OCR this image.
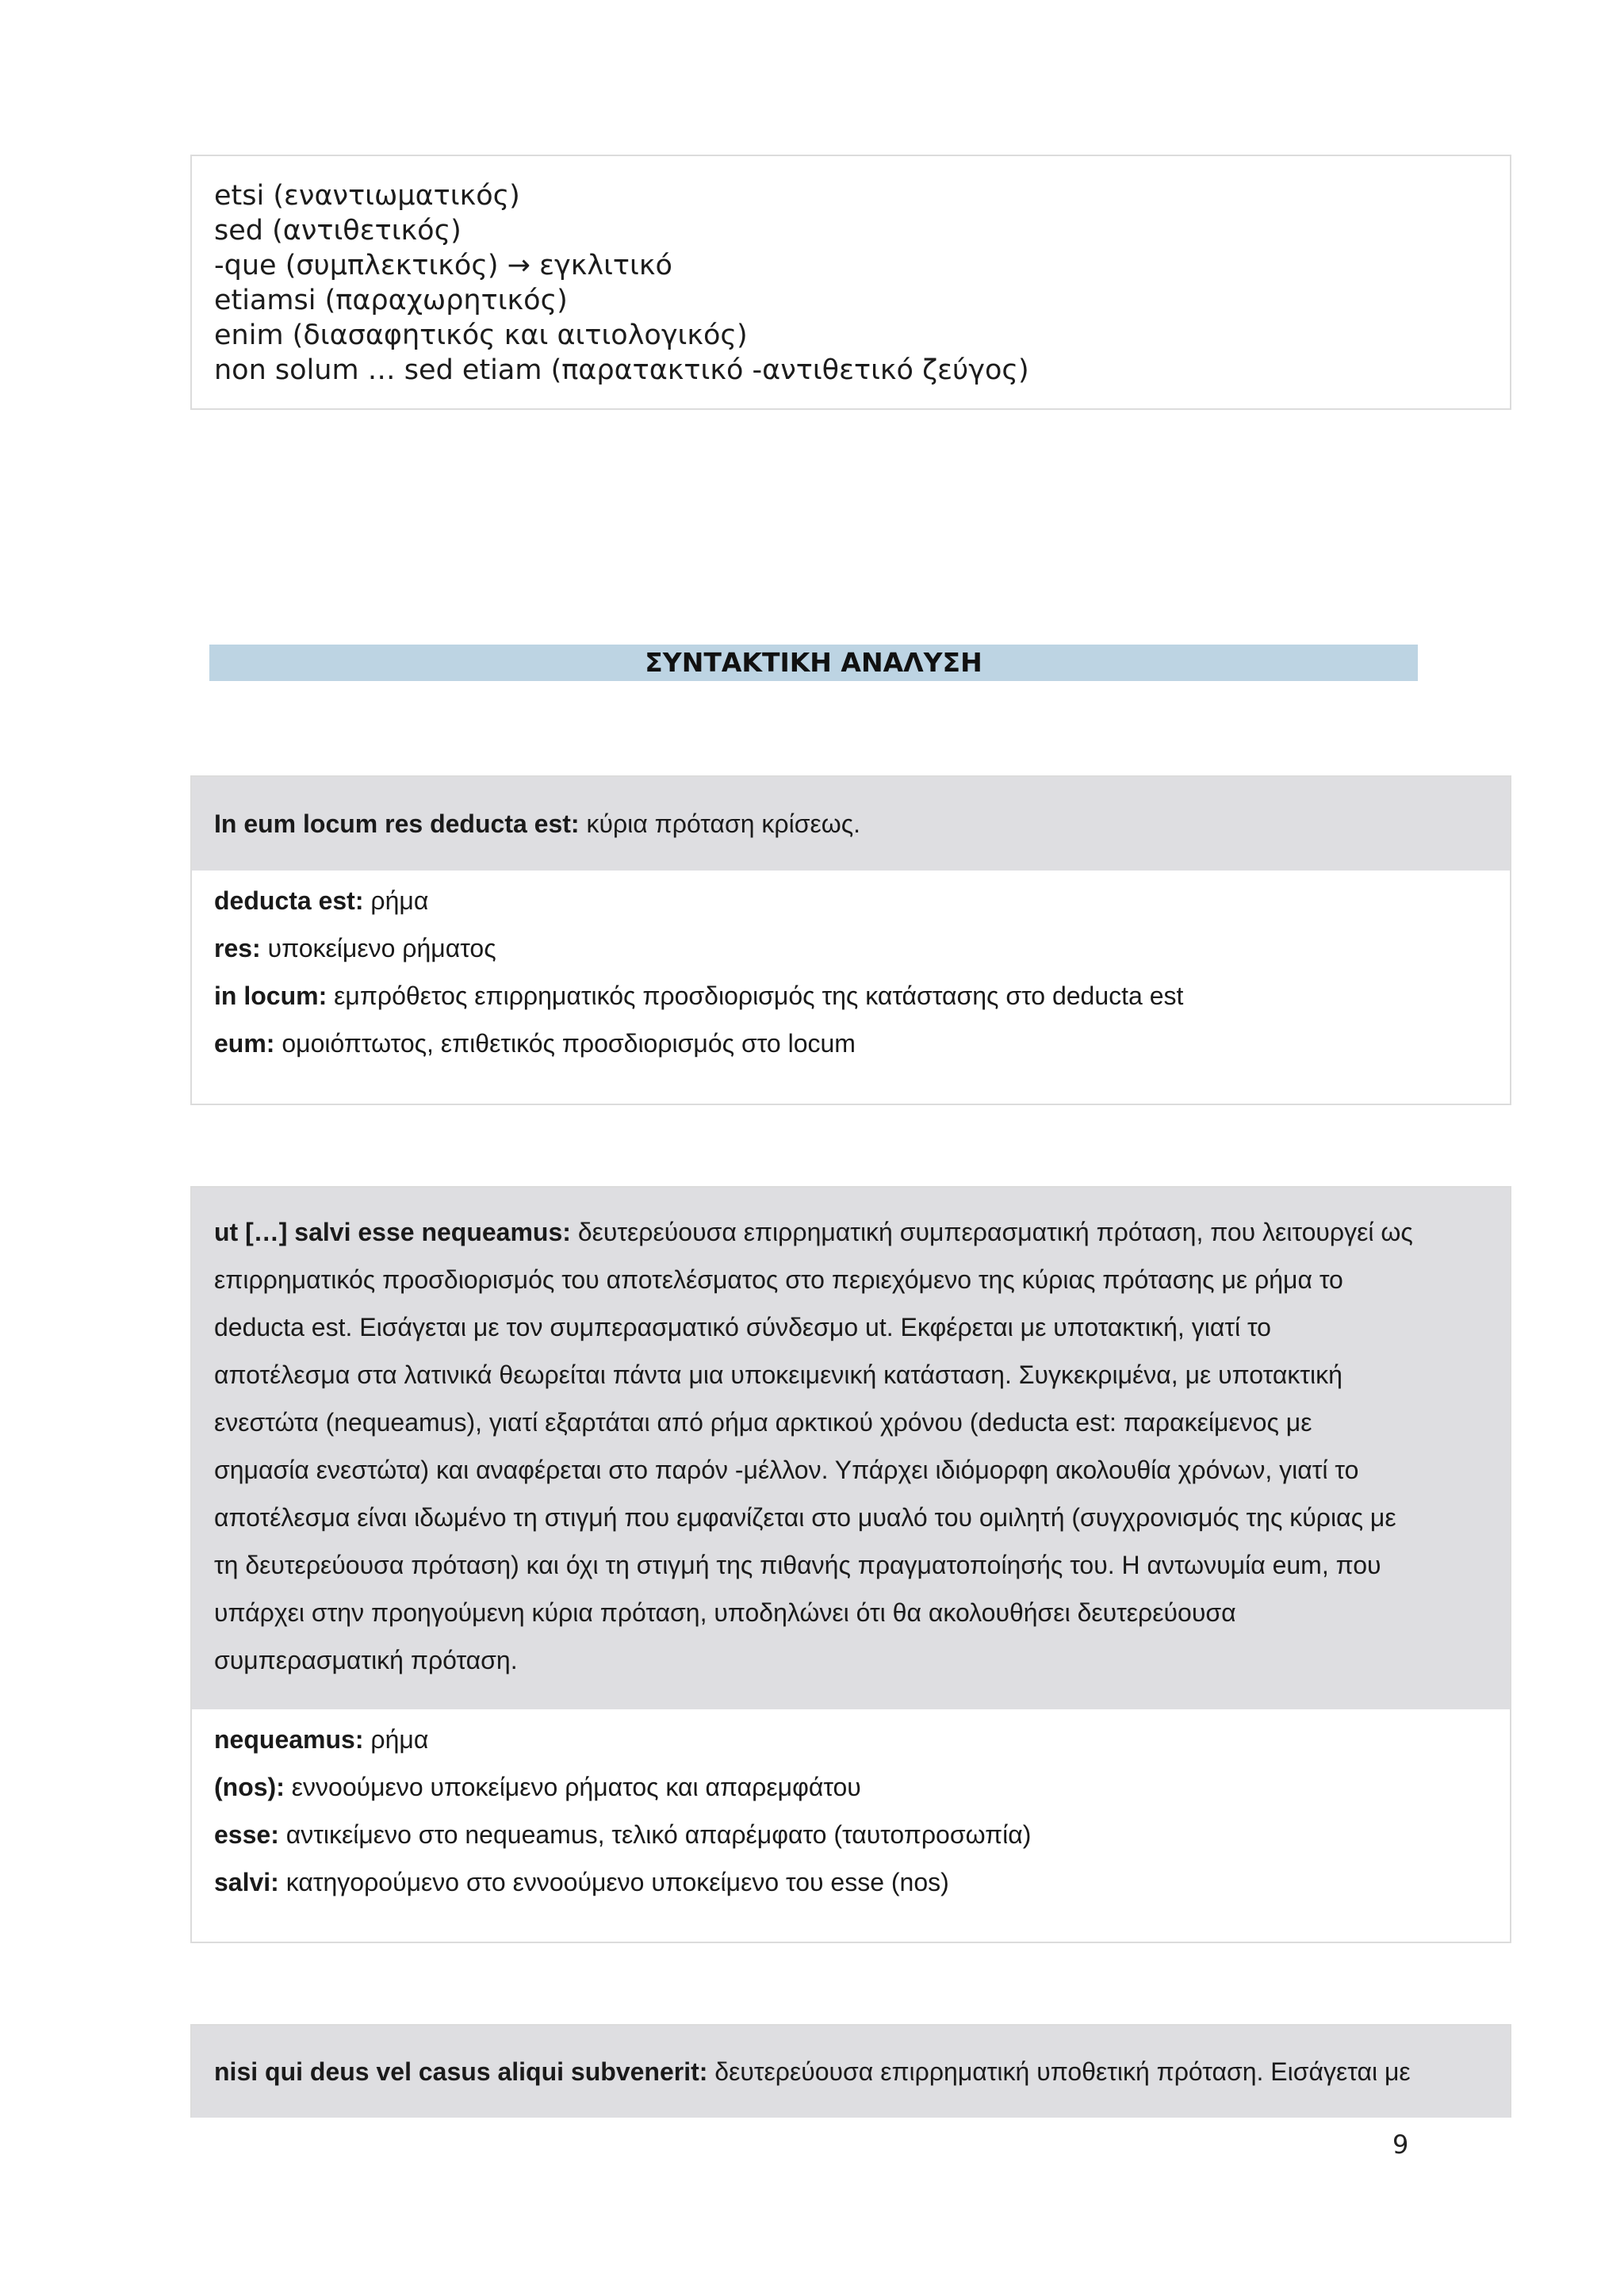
etsi (εναντιωματικός)
sed (αντιθετικός)
-que (συμπλεκτικός) → εγκλιτικό
etiamsi (παραχωρητικός)
enim (διασαφητικός και αιτιολογικός)
non solum … sed etiam (παρατακτικό -αντιθετικό ζεύγος)
ΣΥΝΤΑΚΤΙΚΗ ΑΝΑΛΥΣΗ
In eum locum res deducta est: κύρια πρόταση κρίσεως.
deducta est: ρήμα
res: υποκείμενο ρήματος
in locum: εμπρόθετος επιρρηματικός προσδιορισμός της κατάστασης στο deducta est
eum: ομοιόπτωτος, επιθετικός προσδιορισμός στο locum
ut […] salvi esse nequeamus: δευτερεύουσα επιρρηματική συμπερασματική πρόταση, που λειτουργεί ως
επιρρηματικός προσδιορισμός του αποτελέσματος στο περιεχόμενο της κύριας πρότασης με ρήμα το
deducta est. Εισάγεται με τον συμπερασματικό σύνδεσμο ut. Εκφέρεται με υποτακτική, γιατί το
αποτέλεσμα στα λατινικά θεωρείται πάντα μια υποκειμενική κατάσταση. Συγκεκριμένα, με υποτακτική
ενεστώτα (nequeamus), γιατί εξαρτάται από ρήμα αρκτικού χρόνου (deducta est: παρακείμενος με
σημασία ενεστώτα) και αναφέρεται στο παρόν -μέλλον. Υπάρχει ιδιόμορφη ακολουθία χρόνων, γιατί το
αποτέλεσμα είναι ιδωμένο τη στιγμή που εμφανίζεται στο μυαλό του ομιλητή (συγχρονισμός της κύριας με
τη δευτερεύουσα πρόταση) και όχι τη στιγμή της πιθανής πραγματοποίησής του. Η αντωνυμία eum, που
υπάρχει στην προηγούμενη κύρια πρόταση, υποδηλώνει ότι θα ακολουθήσει δευτερεύουσα
συμπερασματική πρόταση.
nequeamus: ρήμα
(nos): εννοούμενο υποκείμενο ρήματος και απαρεμφάτου
esse: αντικείμενο στο nequeamus, τελικό απαρέμφατο (ταυτοπροσωπία)
salvi: κατηγορούμενο στο εννοούμενο υποκείμενο του esse (nos)
nisi qui deus vel casus aliqui subvenerit: δευτερεύουσα επιρρηματική υποθετική πρόταση. Εισάγεται με
9
